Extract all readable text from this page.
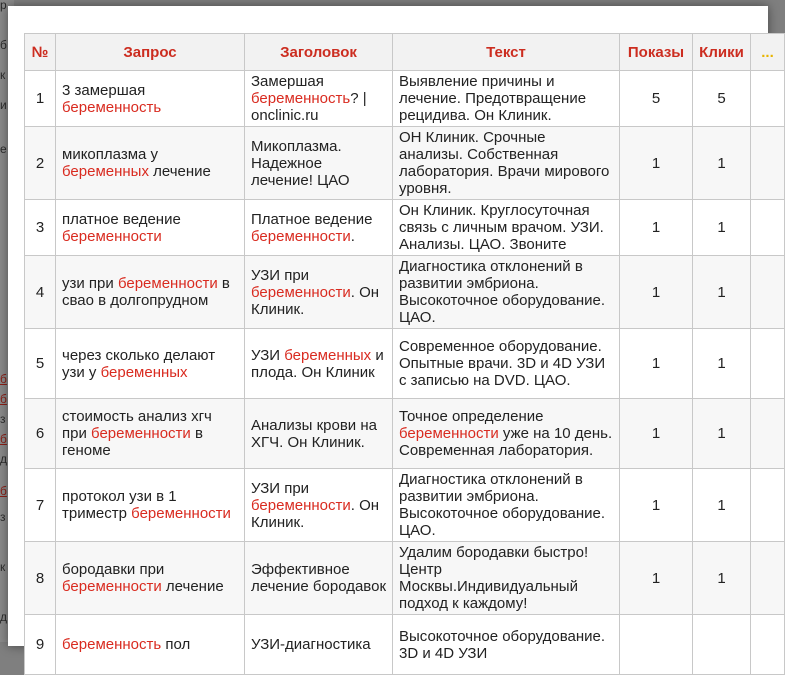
р
б
к
и
е
б
б
з
б
д
б
з
к
д
№	Запрос	Заголовок	Текст	Показы	Клики	...
1	3 замершая беременность	Замершая беременность? | onclinic.ru	Выявление причины и лечение. Предотвращение рецидива. Он Клиник.	5	5	
2	микоплазма у беременных лечение	Микоплазма. Надежное лечение! ЦАО	ОН Клиник. Срочные анализы. Собственная лаборатория. Врачи мирового уровня.	1	1	
3	платное ведение беременности	Платное ведение беременности.	Он Клиник. Круглосуточная связь с личным врачом. УЗИ. Анализы. ЦАО. Звоните	1	1	
4	узи при беременности в свао в долгопрудном	УЗИ при беременности. Он Клиник.	Диагностика отклонений в развитии эмбриона. Высокоточное оборудование. ЦАО.	1	1	
5	через сколько делают узи у беременных	УЗИ беременных и плода. Он Клиник	Современное оборудование. Опытные врачи. 3D и 4D УЗИ с записью на DVD. ЦАО.	1	1	
6	стоимость анализ хгч при беременности в геноме	Анализы крови на ХГЧ. Он Клиник.	Точное определение беременности уже на 10 день. Современная лаборатория.	1	1	
7	протокол узи в 1 триместр беременности	УЗИ при беременности. Он Клиник.	Диагностика отклонений в развитии эмбриона. Высокоточное оборудование. ЦАО.	1	1	
8	бородавки при беременности лечение	Эффективное лечение бородавок	Удалим бородавки быстро! Центр Москвы.Индивидуальный подход к каждому!	1	1	
9	беременность пол	УЗИ-диагностика	Высокоточное оборудование. 3D и 4D УЗИ			
